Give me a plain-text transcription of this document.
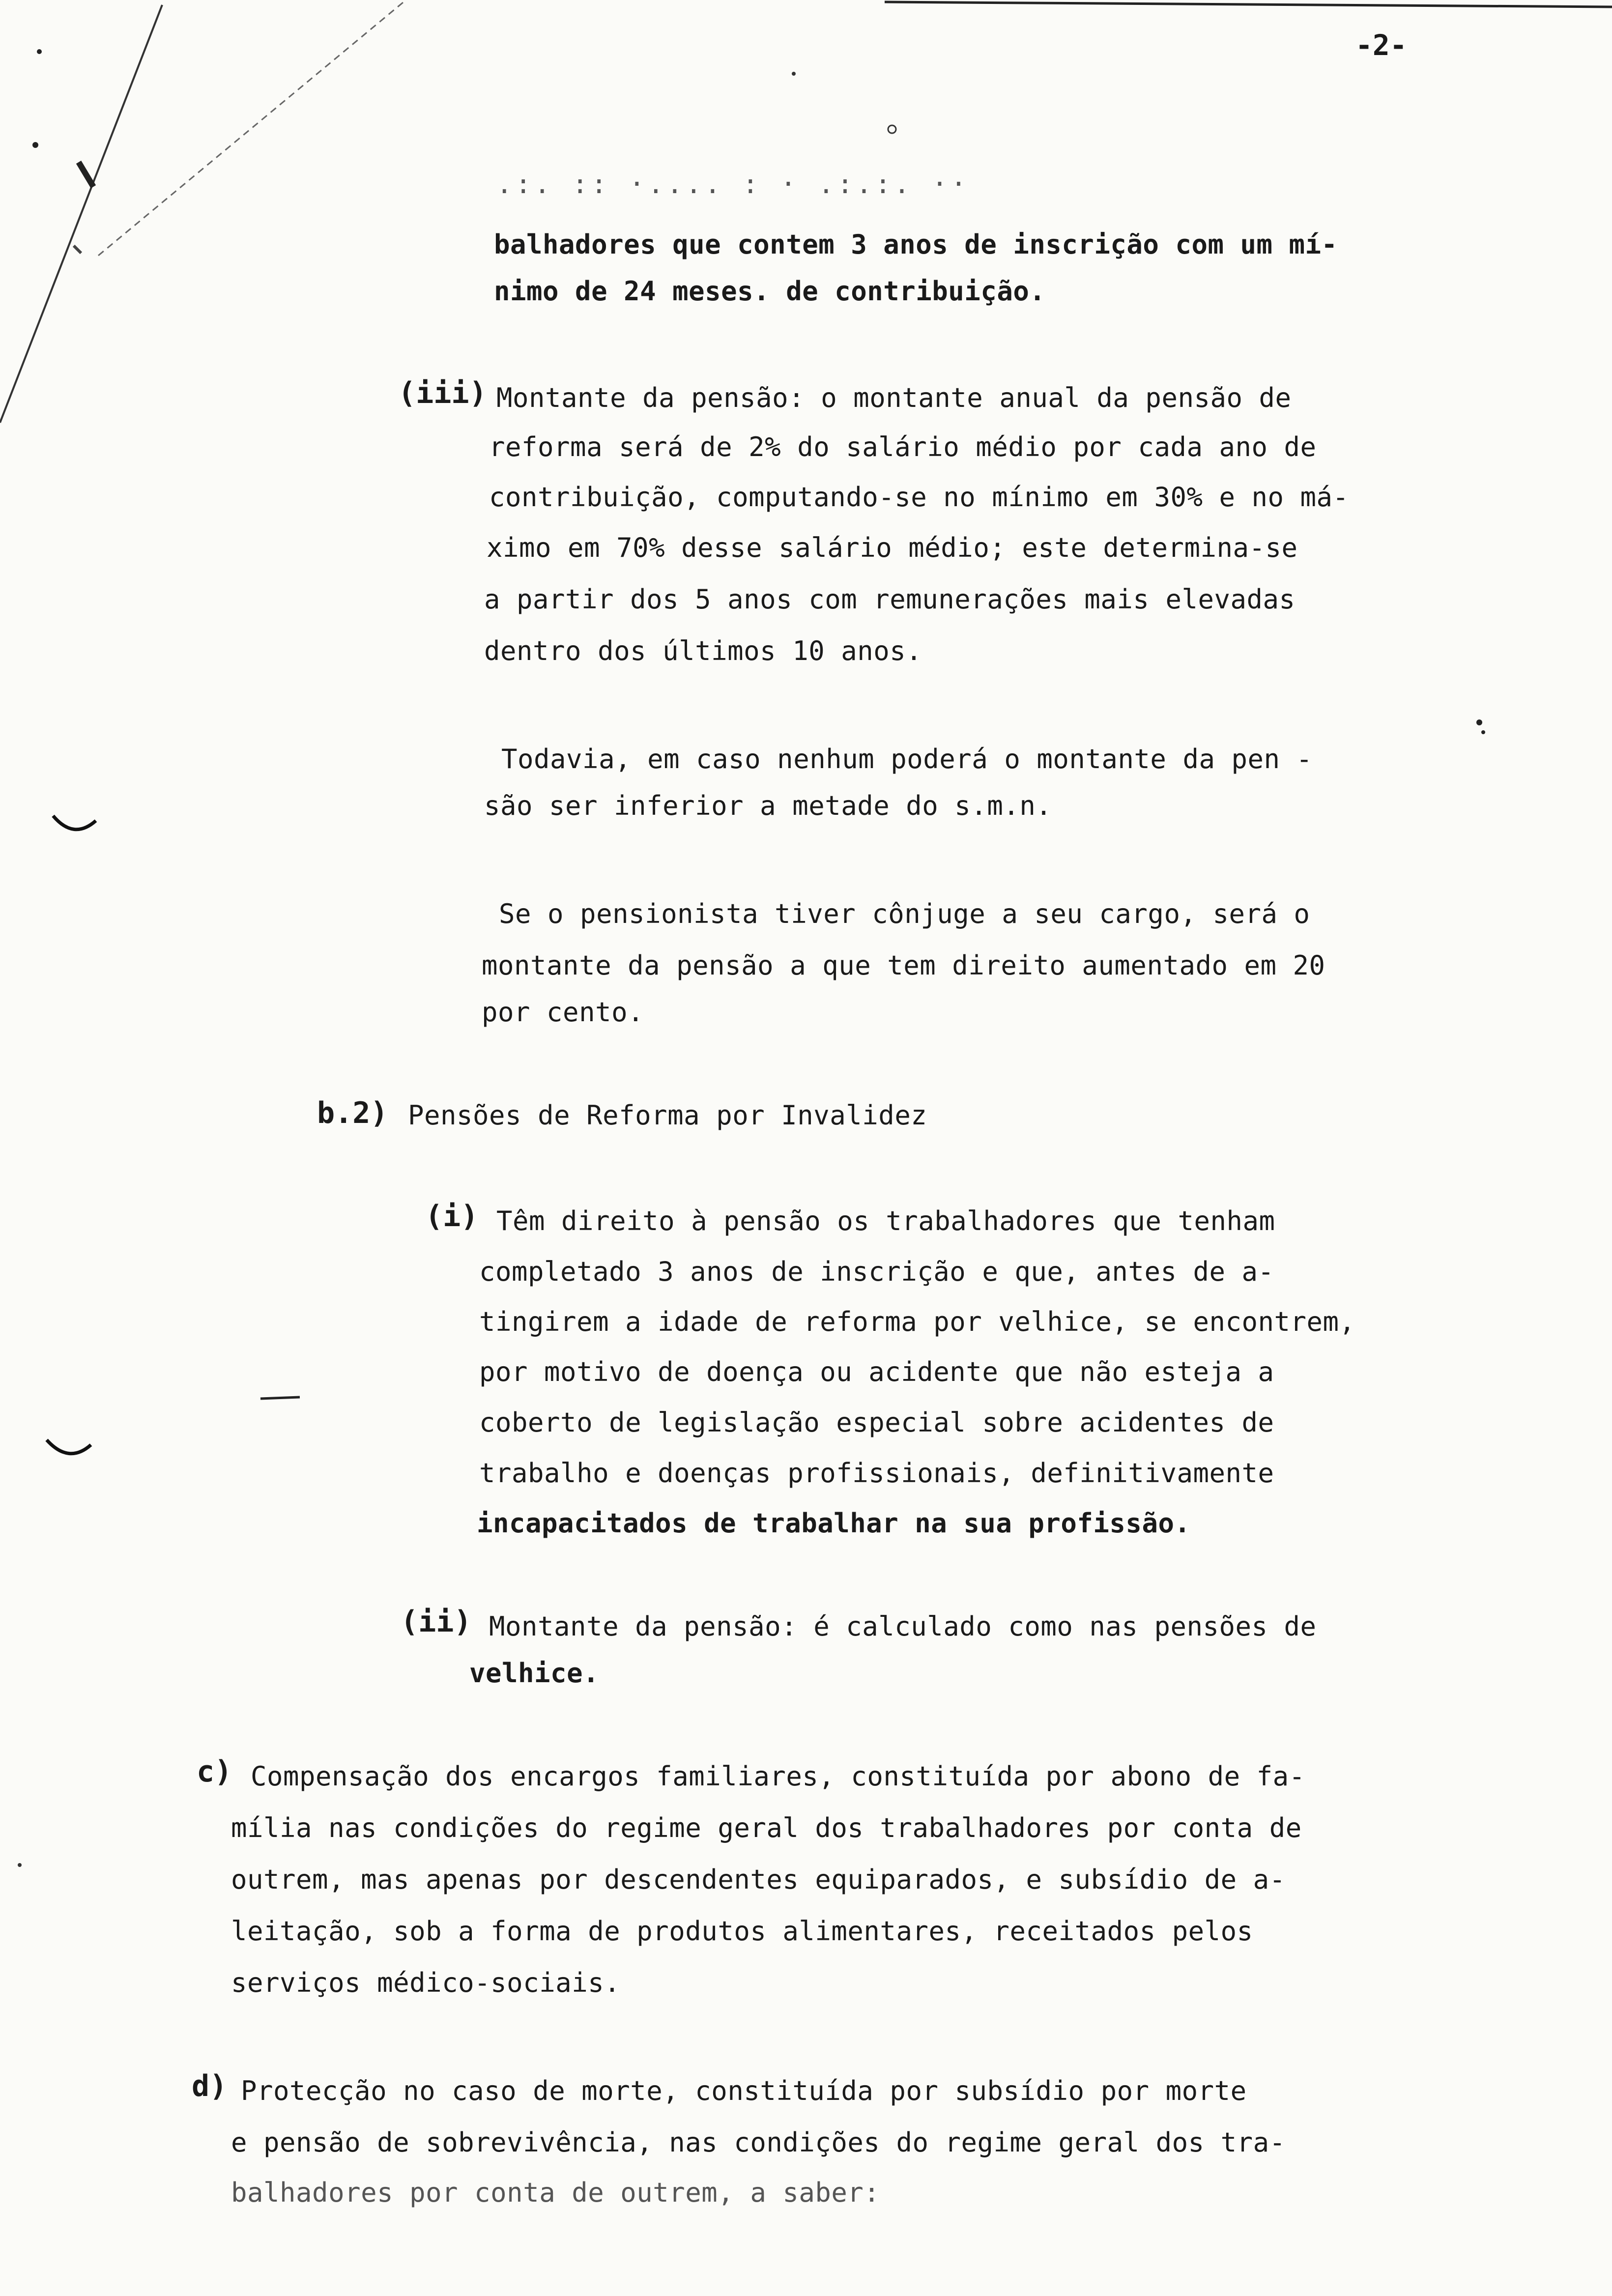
-2-
.:. :: ·.... : · .:.:. ··
balhadores que contem 3 anos de inscrição com um mí-
nimo de 24 meses. de contribuição.
(iii) Montante da pensão: o montante anual da pensão de
reforma será de 2% do salário médio por cada ano de
contribuição, computando-se no mínimo em 30% e no má-
ximo em 70% desse salário médio; este determina-se
a partir dos 5 anos com remunerações mais elevadas
dentro dos últimos 10 anos.
Todavia, em caso nenhum poderá o montante da pen -
são ser inferior a metade do s.m.n.
Se o pensionista tiver cônjuge a seu cargo, será o
montante da pensão a que tem direito aumentado em 20
por cento.
b.2) Pensões de Reforma por Invalidez
(i) Têm direito à pensão os trabalhadores que tenham
completado 3 anos de inscrição e que, antes de a-
tingirem a idade de reforma por velhice, se encontrem,
por motivo de doença ou acidente que não esteja a
coberto de legislação especial sobre acidentes de
trabalho e doenças profissionais, definitivamente
incapacitados de trabalhar na sua profissão.
(ii) Montante da pensão: é calculado como nas pensões de
velhice.
c) Compensação dos encargos familiares, constituída por abono de fa-
mília nas condições do regime geral dos trabalhadores por conta de
outrem, mas apenas por descendentes equiparados, e subsídio de a-
leitação, sob a forma de produtos alimentares, receitados pelos
serviços médico-sociais.
d) Protecção no caso de morte, constituída por subsídio por morte
e pensão de sobrevivência, nas condições do regime geral dos tra-
balhadores por conta de outrem, a saber:
